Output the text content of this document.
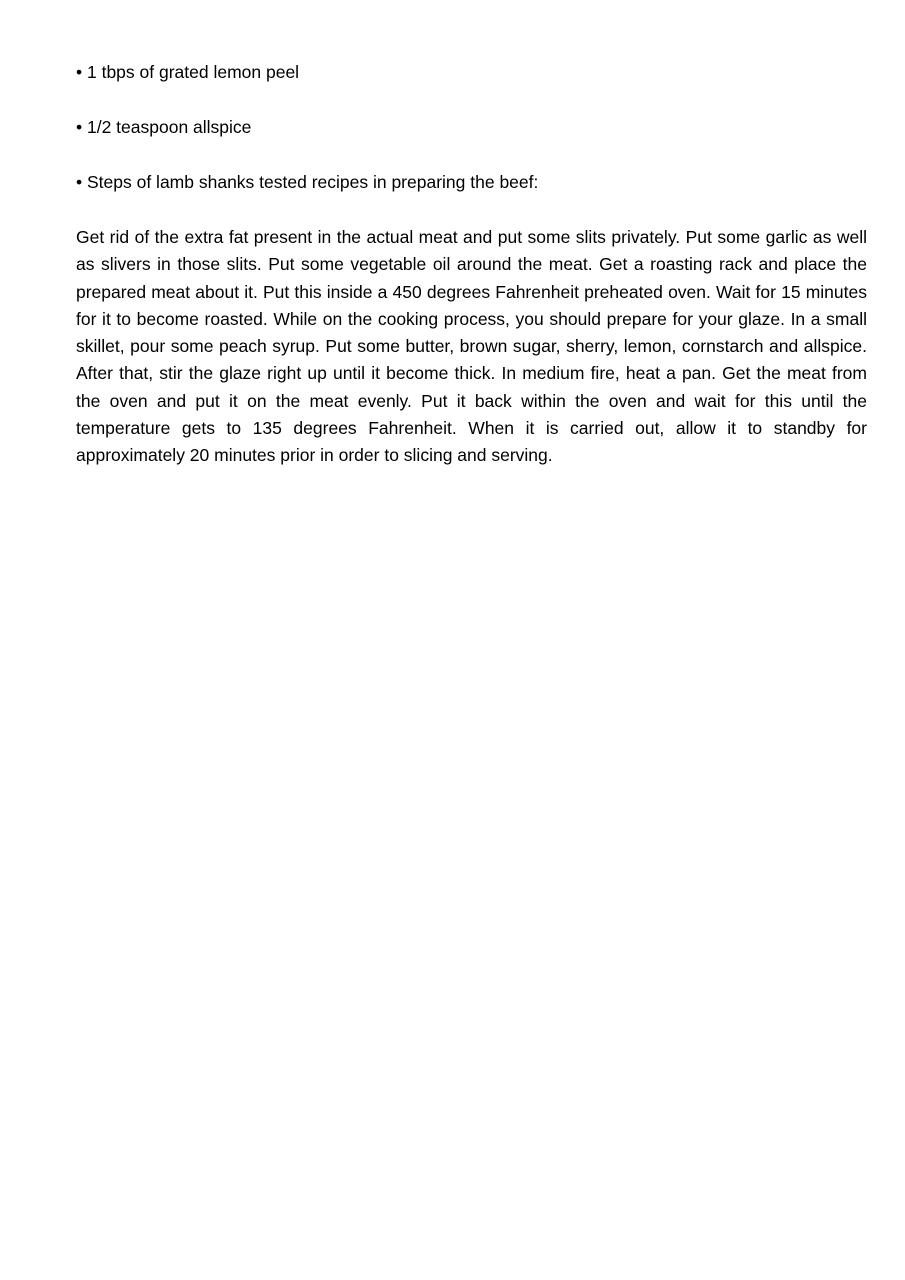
• 1 tbps of grated lemon peel

• 1/2 teaspoon allspice

• Steps of lamb shanks tested recipes in preparing the beef:

Get rid of the extra fat present in the actual meat and put some slits privately. Put some garlic as well as slivers in those slits. Put some vegetable oil around the meat. Get a roasting rack and place the prepared meat about it. Put this inside a 450 degrees Fahrenheit preheated oven. Wait for 15 minutes for it to become roasted. While on the cooking process, you should prepare for your glaze. In a small skillet, pour some peach syrup. Put some butter, brown sugar, sherry, lemon, cornstarch and allspice. After that, stir the glaze right up until it become thick. In medium fire, heat a pan. Get the meat from the oven and put it on the meat evenly. Put it back within the oven and wait for this until the temperature gets to 135 degrees Fahrenheit. When it is carried out, allow it to standby for approximately 20 minutes prior in order to slicing and serving.
